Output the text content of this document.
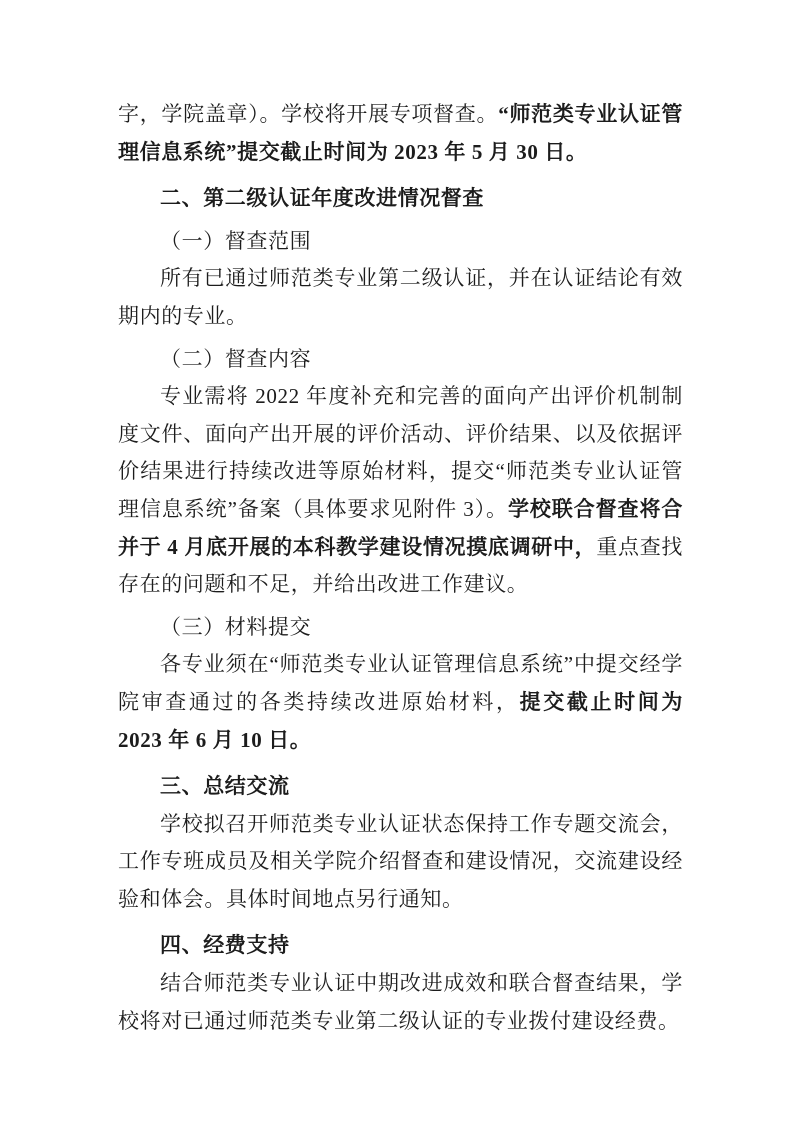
字，学院盖章）。学校将开展专项督查。“师范类专业认证管理信息系统”提交截止时间为 2023 年 5 月 30 日。

二、第二级认证年度改进情况督查

（一）督查范围

所有已通过师范类专业第二级认证，并在认证结论有效期内的专业。

（二）督查内容

专业需将 2022 年度补充和完善的面向产出评价机制制度文件、面向产出开展的评价活动、评价结果、以及依据评价结果进行持续改进等原始材料，提交“师范类专业认证管理信息系统”备案（具体要求见附件 3）。学校联合督查将合并于 4 月底开展的本科教学建设情况摸底调研中，重点查找存在的问题和不足，并给出改进工作建议。

（三）材料提交

各专业须在“师范类专业认证管理信息系统”中提交经学院审查通过的各类持续改进原始材料，提交截止时间为 2023 年 6 月 10 日。

三、总结交流

学校拟召开师范类专业认证状态保持工作专题交流会，工作专班成员及相关学院介绍督查和建设情况，交流建设经验和体会。具体时间地点另行通知。

四、经费支持

结合师范类专业认证中期改进成效和联合督查结果，学校将对已通过师范类专业第二级认证的专业拨付建设经费。
